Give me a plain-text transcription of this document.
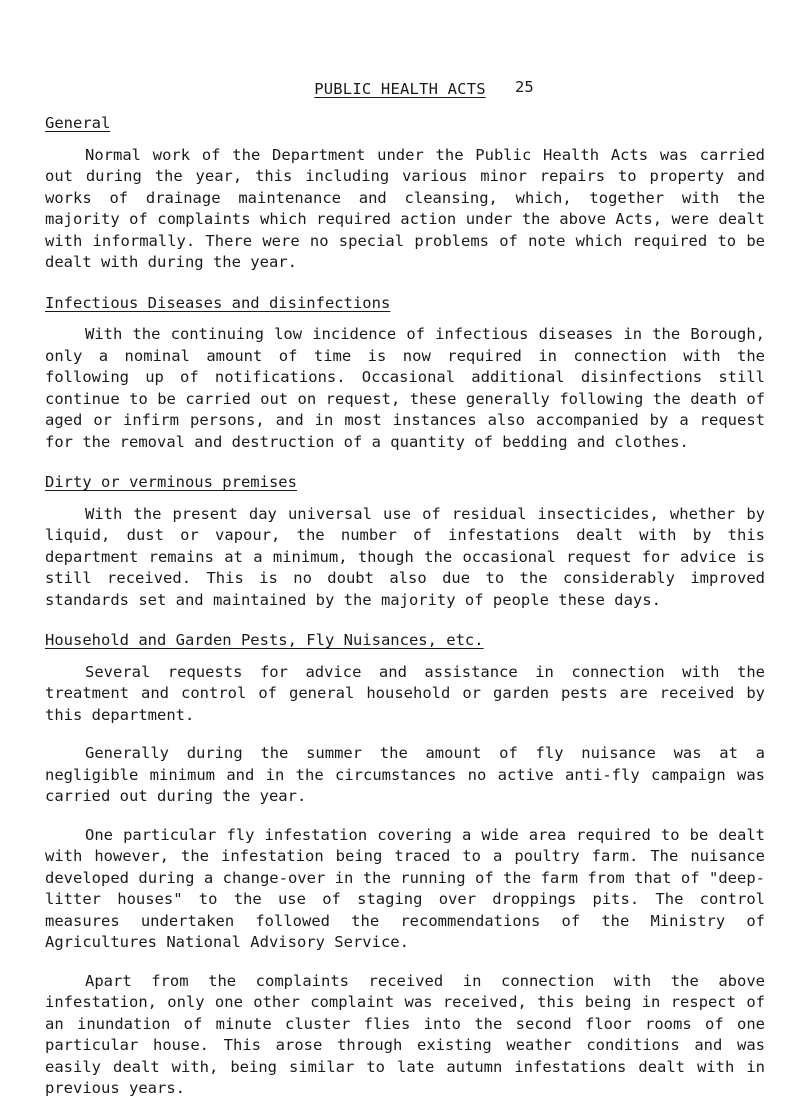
PUBLIC HEALTH ACTS	25
General

Normal work of the Department under the Public Health Acts was carried out during the year, this including various minor repairs to property and works of drainage maintenance and cleansing, which, together with the majority of complaints which required action under the above Acts, were dealt with informally. There were no special problems of note which required to be dealt with during the year.

Infectious Diseases and disinfections

With the continuing low incidence of infectious diseases in the Borough, only a nominal amount of time is now required in connection with the following up of notifications. Occasional additional disinfections still continue to be carried out on request, these generally following the death of aged or infirm persons, and in most instances also accompanied by a request for the removal and destruction of a quantity of bedding and clothes.

Dirty or verminous premises

With the present day universal use of residual insecticides, whether by liquid, dust or vapour, the number of infestations dealt with by this department remains at a minimum, though the occasional request for advice is still received. This is no doubt also due to the considerably improved standards set and maintained by the majority of people these days.

Household and Garden Pests, Fly Nuisances, etc.

Several requests for advice and assistance in connection with the treatment and control of general household or garden pests are received by this department.

Generally during the summer the amount of fly nuisance was at a negligible minimum and in the circumstances no active anti-fly campaign was carried out during the year.

One particular fly infestation covering a wide area required to be dealt with however, the infestation being traced to a poultry farm. The nuisance developed during a change-over in the running of the farm from that of "deep-litter houses" to the use of staging over droppings pits. The control measures undertaken followed the recommendations of the Ministry of Agricultures National Advisory Service.

Apart from the complaints received in connection with the above infestation, only one other complaint was received, this being in respect of an inundation of minute cluster flies into the second floor rooms of one particular house. This arose through existing weather conditions and was easily dealt with, being similar to late autumn infestations dealt with in previous years.
